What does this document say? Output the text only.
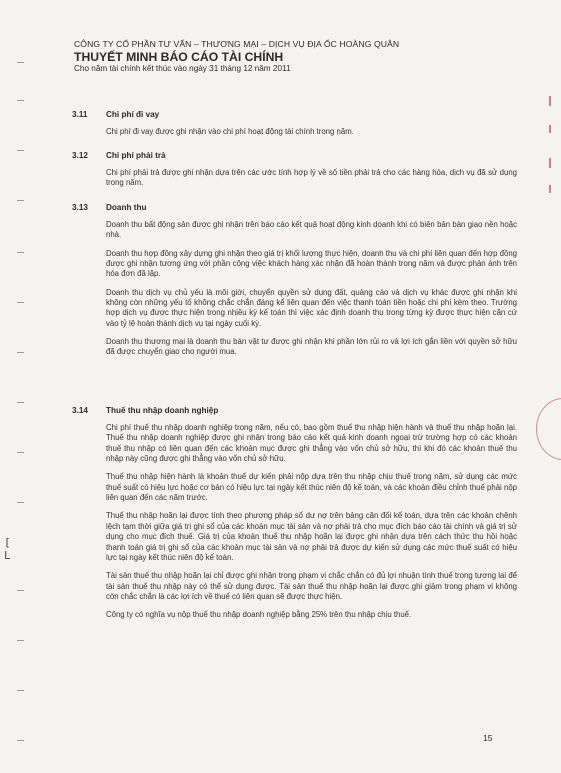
CÔNG TY CỔ PHẦN TƯ VẤN – THƯƠNG MẠI – DỊCH VỤ ĐỊA ỐC HOÀNG QUÂN
THUYẾT MINH BÁO CÁO TÀI CHÍNH
Cho năm tài chính kết thúc vào ngày 31 tháng 12 năm 2011
3.11	Chi phí đi vay

Chi phí đi vay được ghi nhận vào chi phí hoạt động tài chính trong năm.

3.12	Chi phí phải trả

Chi phí phải trả được ghi nhận dựa trên các ước tính hợp lý về số tiền phải trả cho các hàng hóa, dịch vụ đã sử dụng trong năm.

3.13	Doanh thu

Doanh thu bất động sản được ghi nhận trên báo cáo kết quả hoạt động kinh doanh khi có biên bản bàn giao nền hoặc nhà.

Doanh thu hợp đồng xây dựng ghi nhận theo giá trị khối lượng thực hiện, doanh thu và chi phí liên quan đến hợp đồng được ghi nhận tương ứng với phần công việc khách hàng xác nhận đã hoàn thành trong năm và được phản ánh trên hóa đơn đã lập.

Doanh thu dịch vụ chủ yếu là môi giới, chuyển quyền sử dụng đất, quảng cáo và dịch vụ khác được ghi nhận khi không còn những yếu tố không chắc chắn đáng kể liên quan đến việc thanh toán tiền hoặc chi phí kèm theo. Trường hợp dịch vụ được thực hiện trong nhiều kỳ kế toán thì việc xác định doanh thu trong từng kỳ được thực hiện căn cứ vào tỷ lệ hoàn thành dịch vụ tại ngày cuối kỳ.

Doanh thu thương mại là doanh thu bán vật tư được ghi nhận khi phần lớn rủi ro và lợi ích gắn liền với quyền sở hữu đã được chuyển giao cho người mua.

3.14	Thuế thu nhập doanh nghiệp

Chi phí thuế thu nhập doanh nghiệp trong năm, nếu có, bao gồm thuế thu nhập hiện hành và thuế thu nhập hoãn lại. Thuế thu nhập doanh nghiệp được ghi nhận trong báo cáo kết quả kinh doanh ngoại trừ trường hợp có các khoản thuế thu nhập có liên quan đến các khoản mục được ghi thẳng vào vốn chủ sở hữu, thì khi đó các khoản thuế thu nhập này cũng được ghi thẳng vào vốn chủ sở hữu.

Thuế thu nhập hiện hành là khoản thuế dự kiến phải nộp dựa trên thu nhập chịu thuế trong năm, sử dụng các mức thuế suất có hiệu lực hoặc cơ bản có hiệu lực tại ngày kết thúc niên độ kế toán, và các khoản điều chỉnh thuế phải nộp liên quan đến các năm trước.

Thuế thu nhập hoãn lại được tính theo phương pháp số dư nợ trên bảng cân đối kế toán, dựa trên các khoản chênh lệch tạm thời giữa giá trị ghi sổ của các khoản mục tài sản và nợ phải trả cho mục đích báo cáo tài chính và giá trị sử dụng cho mục đích thuế. Giá trị của khoản thuế thu nhập hoãn lại được ghi nhận dựa trên cách thức thu hồi hoặc thanh toán giá trị ghi sổ của các khoản mục tài sản và nợ phải trả được dự kiến sử dụng các mức thuế suất có hiệu lực tại ngày kết thúc niên độ kế toán.

Tài sản thuế thu nhập hoãn lại chỉ được ghi nhận trong phạm vi chắc chắn có đủ lợi nhuận tính thuế trong tương lai để tài sản thuế thu nhập này có thể sử dụng được. Tài sản thuế thu nhập hoãn lại được ghi giảm trong phạm vi không còn chắc chắn là các lợi ích về thuế có liên quan sẽ được thực hiện.

Công ty có nghĩa vụ nộp thuế thu nhập doanh nghiệp bằng 25% trên thu nhập chịu thuế.

15
[ L
